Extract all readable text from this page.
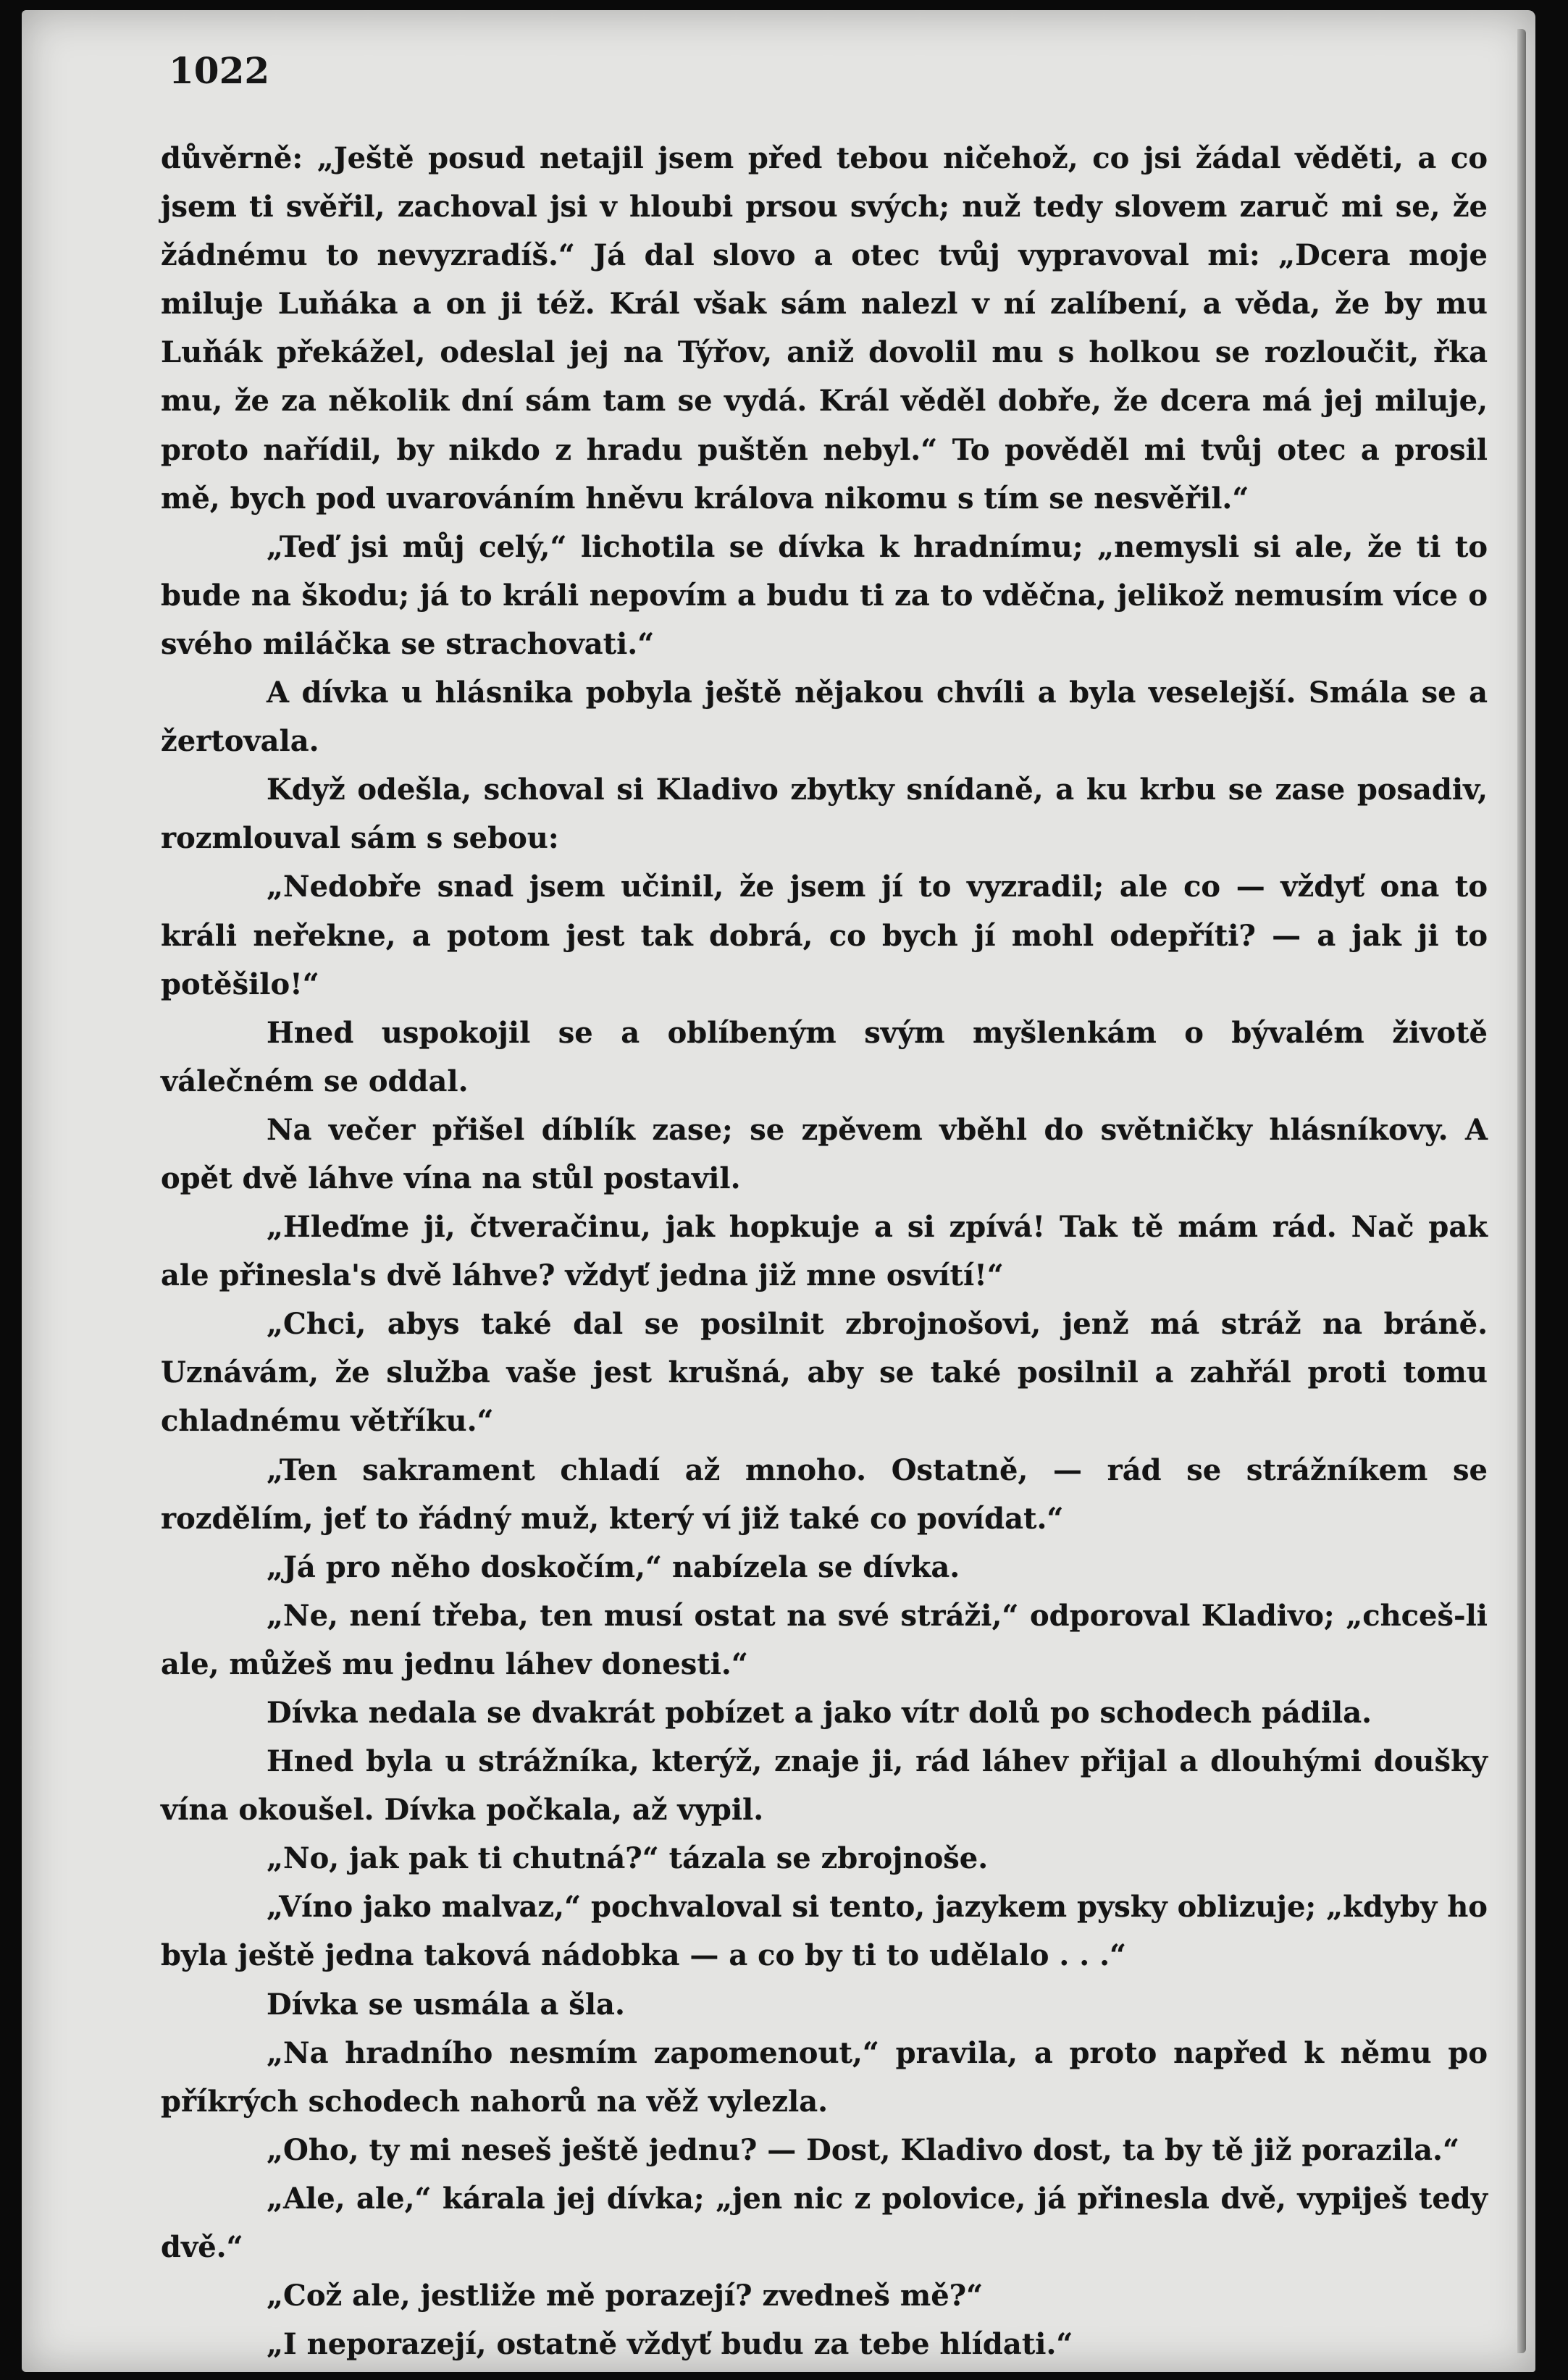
1022

důvěrně: „Ještě posud netajil jsem před tebou ničehož, co jsi žádal věděti, a co jsem ti svěřil, zachoval jsi v hloubi prsou svých; nuž tedy slovem zaruč mi se, že žádnému to nevyzradíš.“ Já dal slovo a otec tvůj vypravoval mi: „Dcera moje miluje Luňáka a on ji též. Král však sám nalezl v ní zalíbení, a věda, že by mu Luňák překážel, odeslal jej na Týřov, aniž dovolil mu s holkou se rozloučit, řka mu, že za několik dní sám tam se vydá. Král věděl dobře, že dcera má jej miluje, proto nařídil, by nikdo z hradu puštěn nebyl.“ To pověděl mi tvůj otec a prosil mě, bych pod uvarováním hněvu králova nikomu s tím se nesvěřil.“

„Teď jsi můj celý,“ lichotila se dívka k hradnímu; „nemysli si ale, že ti to bude na škodu; já to králi nepovím a budu ti za to vděčna, jelikož nemusím více o svého miláčka se strachovati.“

A dívka u hlásnika pobyla ještě nějakou chvíli a byla veselejší. Smála se a žertovala.

Když odešla, schoval si Kladivo zbytky snídaně, a ku krbu se zase posadiv, rozmlouval sám s sebou:

„Nedobře snad jsem učinil, že jsem jí to vyzradil; ale co — vždyť ona to králi neřekne, a potom jest tak dobrá, co bych jí mohl odepříti? — a jak ji to potěšilo!“

Hned uspokojil se a oblíbeným svým myšlenkám o bývalém životě válečném se oddal.

Na večer přišel díblík zase; se zpěvem vběhl do světničky hlásníkovy. A opět dvě láhve vína na stůl postavil.

„Hleďme ji, čtveračinu, jak hopkuje a si zpívá! Tak tě mám rád. Nač pak ale přinesla's dvě láhve? vždyť jedna již mne osvítí!“

„Chci, abys také dal se posilnit zbrojnošovi, jenž má stráž na bráně. Uznávám, že služba vaše jest krušná, aby se také posilnil a zahřál proti tomu chladnému větříku.“

„Ten sakrament chladí až mnoho. Ostatně, — rád se strážníkem se rozdělím, jeť to řádný muž, který ví již také co povídat.“

„Já pro něho doskočím,“ nabízela se dívka.

„Ne, není třeba, ten musí ostat na své stráži,“ odporoval Kladivo; „chceš-li ale, můžeš mu jednu láhev donesti.“

Dívka nedala se dvakrát pobízet a jako vítr dolů po schodech pádila.

Hned byla u strážníka, kterýž, znaje ji, rád láhev přijal a dlouhými doušky vína okoušel. Dívka počkala, až vypil.

„No, jak pak ti chutná?“ tázala se zbrojnoše.

„Víno jako malvaz,“ pochvaloval si tento, jazykem pysky oblizuje; „kdyby ho byla ještě jedna taková nádobka — a co by ti to udělalo . . .“

Dívka se usmála a šla.

„Na hradního nesmím zapomenout,“ pravila, a proto napřed k němu po příkrých schodech nahorů na věž vylezla.

„Oho, ty mi neseš ještě jednu? — Dost, Kladivo dost, ta by tě již porazila.“

„Ale, ale,“ kárala jej dívka; „jen nic z polovice, já přinesla dvě, vypiješ tedy dvě.“

„Což ale, jestliže mě porazejí? zvedneš mě?“

„I neporazejí, ostatně vždyť budu za tebe hlídati.“
